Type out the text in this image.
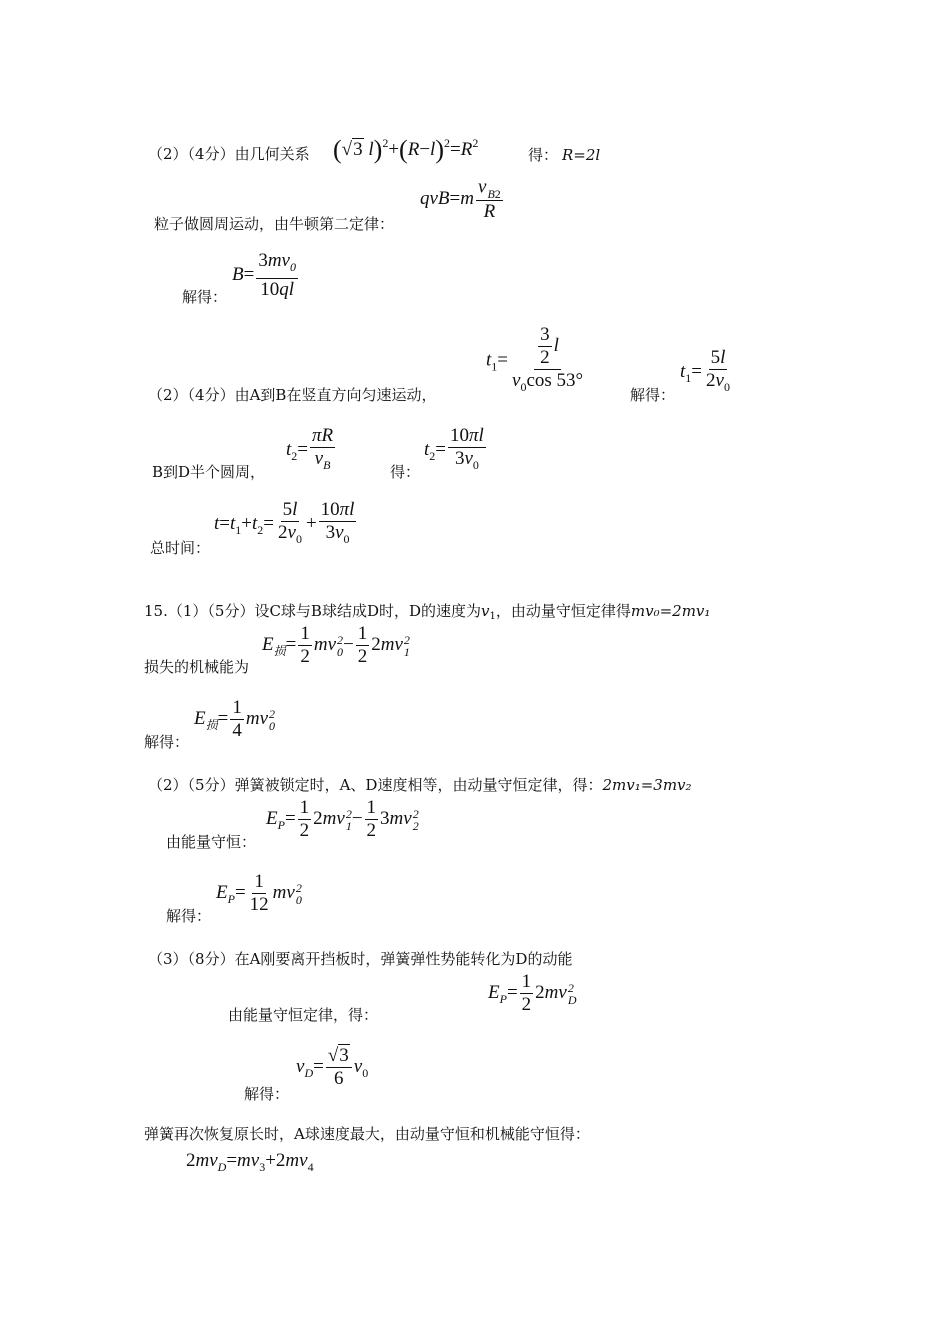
（2）（4分）由几何关系 (√3 $l)^2+(R-l)^2=R^2$
得： R=2l
粒子做圆周运动，由牛顿第二定律：
qvB=m v
B2
R
解得：
$B= \frac{3mv_0}{10ql}$
（2）（4分）由A到B在竖直方向匀速运动，
$t_1= \frac{\frac{3}{2} l}{v_0\cos 53^\circ}$	解得：
$t_1= \frac{5l}{2v_0}$
B到D半个圆周，
$t_2= \frac{\pi R}{v_B}$	得：
$t_2= \frac{10\pi l}{3v_0}$
总时间：
$t=t_1+t_2= \frac{5l}{2v_0} + \frac{10\pi l}{3v_0}$
15.（1）（5分）设C球与B球结成D时，D的速度为$v_1$，由动量守恒定律得mv₀=2mv₁
损失的机械能为
$E_损= \frac{1}{2}$ mv 2
$0 - \frac{1}{2} 2mv$ 2
1
解得：
$E_损= \frac{1}{4}$ mv 2
0
（2）（5分）弹簧被锁定时，A、D速度相等，由动量守恒定律，得：2mv₁=3mv₂
由能量守恒：
$E_P= \frac{1}{2} 2mv$ 2
$1 - \frac{1}{2} 3mv$ 2
2
解得：
$E_P= \frac{1}{12}$ mv 2
0
（3）（8分）在A刚要离开挡板时，弹簧弹性势能转化为D的动能
由能量守恒定律，得：
$E_P= \frac{1}{2} 2mv$ 2
D
解得：
$v_D= \frac{√3}{6} v_0$
弹簧再次恢复原长时，A球速度最大，由动量守恒和机械能守恒得：
$2mv_D=mv_3+2mv_4$
